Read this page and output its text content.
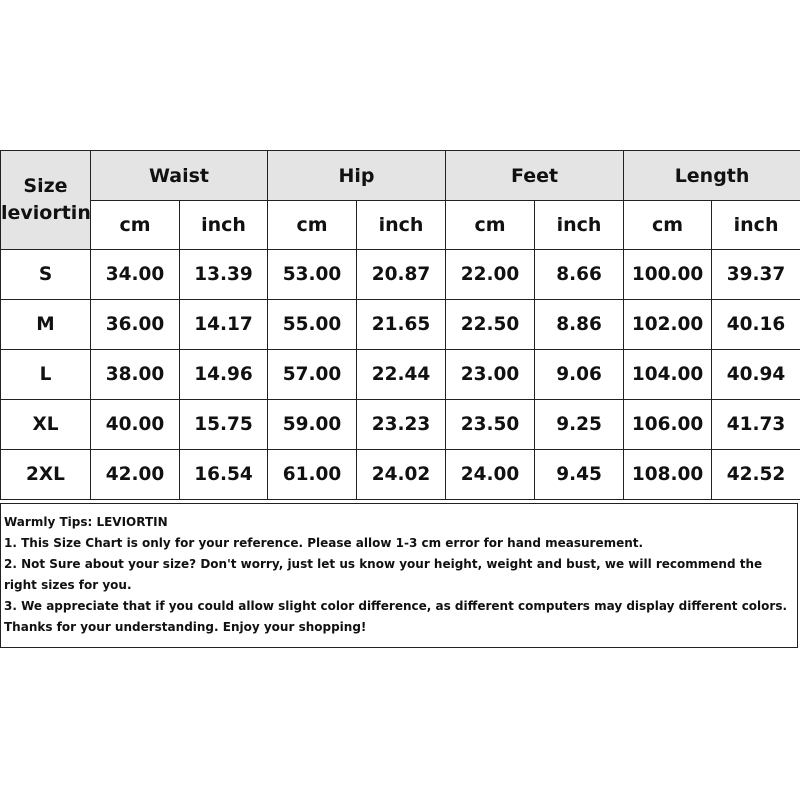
Size
leviortin	Waist		Hip		Feet		Length	
	cm	inch	cm	inch	cm	inch	cm	inch
S	34.00	13.39	53.00	20.87	22.00	8.66	100.00	39.37
M	36.00	14.17	55.00	21.65	22.50	8.86	102.00	40.16
L	38.00	14.96	57.00	22.44	23.00	9.06	104.00	40.94
XL	40.00	15.75	59.00	23.23	23.50	9.25	106.00	41.73
2XL	42.00	16.54	61.00	24.02	24.00	9.45	108.00	42.52

Warmly Tips: LEVIORTIN

1. This Size Chart is only for your reference. Please allow 1-3 cm error for hand measurement.

2. Not Sure about your size? Don't worry, just let us know your height, weight and bust, we will recommend the right sizes for you.

3. We appreciate that if you could allow slight color difference, as different computers may display different colors.

Thanks for your understanding. Enjoy your shopping!
